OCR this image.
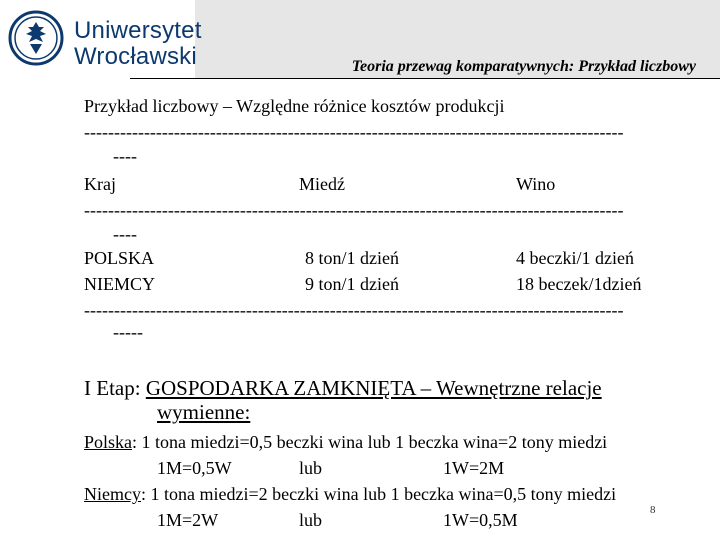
Uniwersytet
Wrocławski	Teoria przewag komparatywnych: Przykład liczbowy
Przykład liczbowy – Względne różnice kosztów produkcji
------------------------------------------------------------------------------------------
----
Kraj	Miedź	Wino
------------------------------------------------------------------------------------------
----
POLSKA	8 ton/1 dzień	4 beczki/1 dzień
NIEMCY	9 ton/1 dzień	18 beczek/1dzień
------------------------------------------------------------------------------------------
-----
I Etap: GOSPODARKA ZAMKNIĘTA – Wewnętrzne relacje
wymienne:
Polska: 1 tona miedzi=0,5 beczki wina lub 1 beczka wina=2 tony miedzi
1M=0,5W	lub	1W=2M
Niemcy: 1 tona miedzi=2 beczki wina lub 1 beczka wina=0,5 tony miedzi
1M=2W	lub	1W=0,5M	8
